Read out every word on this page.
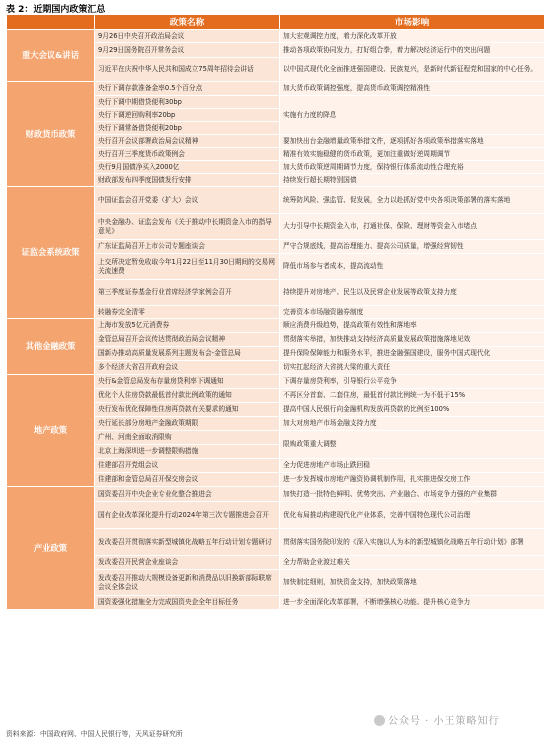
表 2：近期国内政策汇总
	政策名称	市场影响
重大会议&讲话	9月26日中央召开政治局会议	加大宏观调控力度，着力深化改革开放
	9月29日国务院召开常务会议	推动各项政策协同发力，打好组合拳，着力解决经济运行中的突出问题
	习近平在庆祝中华人民共和国成立75周年招待会讲话	以中国式现代化全面推进强国建设、民族复兴，是新时代新征程党和国家的中心任务。
财政货币政策	央行下调存款准备金率0.5个百分点	加大货币政策调控强度，提高货币政策调控精准性
	央行下调中期借贷便利30bp	实施有力度的降息
	央行下调逆回购利率20bp	
	央行下调常备借贷便利20bp	
	央行召开会议部署政治局会议精神	要加快出台金融增量政策举措文件，逐项抓好各项政策举措落实落地
	央行召开三季度货币政策例会	精准有效实施稳健的货币政策，更加注重做好逆周期调节
	央行9月国债净买入2000亿	加大货币政策逆周期调节力度，保持银行体系流动性合理充裕
	财政部发布四季度国债发行安排	持续发行超长期特别国债
证监会系统政策	中国证监会召开党委（扩大）会议	统筹防风险、强监管、促发展，全力以赴抓好党中央各项决策部署的落实落地
	中央金融办、证监会发布《关于推动中长期资金入市的指导意见》	大力引导中长期资金入市，打通社保、保险、理财等资金入市堵点
	广东证监局召开上市公司专题座谈会	严守合规底线，提高治理能力、提高公司质量，增强经营韧性
	上交所决定暂免收取今年1月22日至11月30日期间的交易网关流速费	降低市场参与者成本，提高流动性
	第三季度证券基金行业首席经济学家例会召开	持续提升对房地产、民生以及民营企业发展等政策支持力度
	转融券完全清零	完善资本市场融资融券制度
其他金融政策	上海市发放5亿元消费券	顺应消费升级趋势，提高政策有效性和落地率
	金管总局召开会议传达贯彻政治局会议精神	贯彻落实举措，加快推动支持经济高质量发展政策措施落地见效
	国新办推动高质量发展系列主题发布会-金管总局	提升保险保障能力和服务水平，推进金融强国建设，服务中国式现代化
	多个经济大省召开政府会议	切实扛起经济大省挑大梁的重大责任
地产政策	央行&金管总局发布存量房贷利率下调通知	下调存量房贷利率，引导银行公平竞争
	优化个人住房贷款最低首付款比例政策的通知	不再区分首套、二套住房，最低首付款比例统一为不低于15%
	央行发布优化保障性住房再贷款有关要求的通知	提高中国人民银行向金融机构发放再贷款的比例至100%
	央行延长部分房地产金融政策期限	加大对房地产市场金融支持力度
	广州、河南全面取消限购	限购政策重大调整
	北京上海深圳进一步调整限购措施	
	住建部召开党组会议	全力促进房地产市场止跌回稳
	住建部和金管总局召开保交房会议	进一步发挥城市房地产融资协调机制作用，扎实推进保交房工作
产业政策	国资委召开中央企业专业化整合推进会	加快打造一批特色鲜明、优势突出、产业融合、市场竞争力强的产业集群
	国有企业改革深化提升行动2024年第三次专题推进会召开	优化布局推动构建现代化产业体系，完善中国特色现代公司治理
	发改委召开贯彻落实新型城镇化战略五年行动计划专题研讨	贯彻落实国务院印发的《深入实施以人为本的新型城镇化战略五年行动计划》部署
	发改委召开民营企业座谈会	全力帮助企业渡过难关
	发改委召开推动大规模设备更新和消费品以旧换新部际联席会议全体会议	加快制定细则，加快资金支持，加快政策落地
	国资委强化措施全力完成国资央企全年目标任务	进一步全面深化改革部署，不断增强核心功能、提升核心竞争力
公众号 · 小王策略知行
资料来源：中国政府网、中国人民银行等，天风证券研究所
